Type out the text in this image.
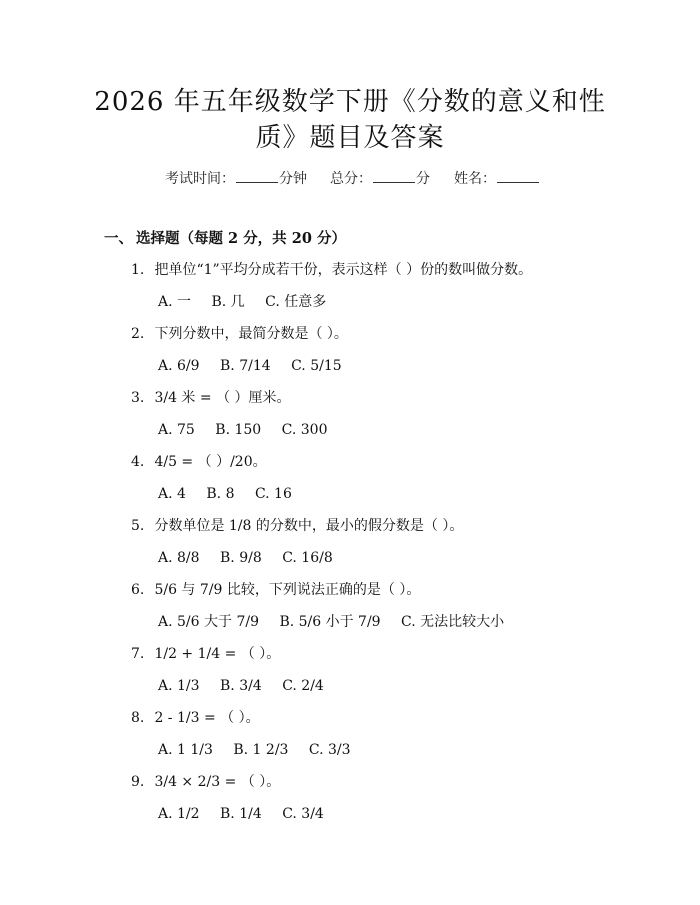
2026 年五年级数学下册《分数的意义和性
质》题目及答案
考试时间：	分钟 总分：	分 姓名：
一、 选择题（每题 2 分，共 20 分）
1. 把单位“1”平均分成若干份，表示这样（ ）份的数叫做分数。
A. 一 B. 几 C. 任意多
2. 下列分数中，最简分数是（ ）。
A. 6/9 B. 7/14 C. 5/15
3. 3/4 米 = （ ）厘米。
A. 75 B. 150 C. 300
4. 4/5 = （ ）/20。
A. 4 B. 8 C. 16
5. 分数单位是 1/8 的分数中，最小的假分数是（ ）。
A. 8/8 B. 9/8 C. 16/8
6. 5/6 与 7/9 比较，下列说法正确的是（ ）。
A. 5/6 大于 7/9 B. 5/6 小于 7/9 C. 无法比较大小
7. 1/2 + 1/4 = （ ）。
A. 1/3 B. 3/4 C. 2/4
8. 2 - 1/3 = （ ）。
A. 1 1/3 B. 1 2/3 C. 3/3
9. 3/4 × 2/3 = （ ）。
A. 1/2 B. 1/4 C. 3/4
